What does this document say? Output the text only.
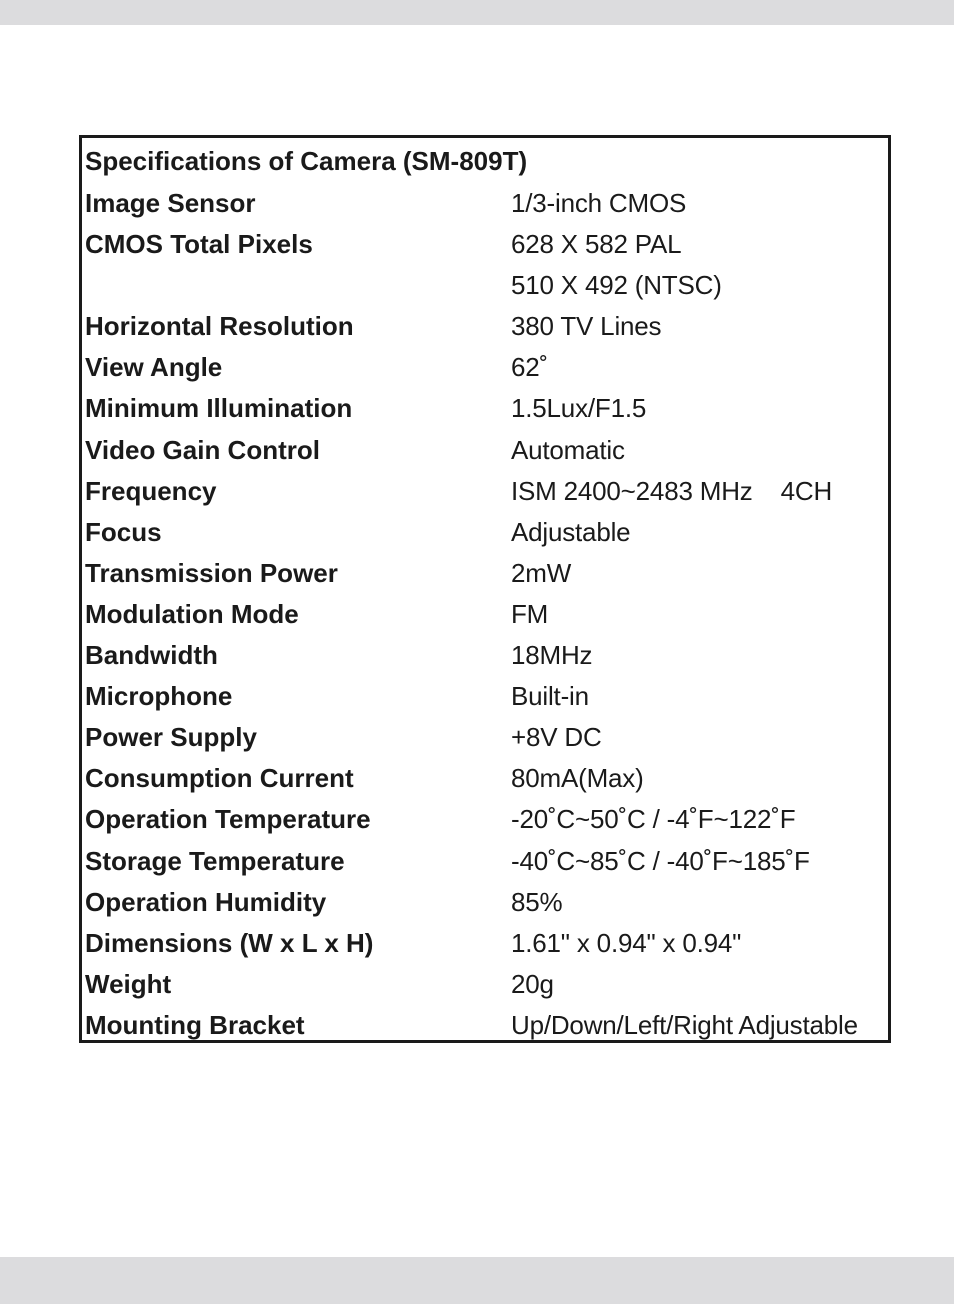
Specifications of Camera (SM-809T)
Image Sensor	1/3-inch CMOS
CMOS Total Pixels	628 X 582 PAL
510 X 492 (NTSC)
Horizontal Resolution	380 TV Lines
View Angle	62˚
Minimum Illumination	1.5Lux/F1.5
Video Gain Control	Automatic
Frequency	ISM 2400~2483 MHz    4CH
Focus	Adjustable
Transmission Power	2mW
Modulation Mode	FM
Bandwidth	18MHz
Microphone	Built-in
Power Supply	+8V DC
Consumption Current	80mA(Max)
Operation Temperature	-20˚C~50˚C / -4˚F~122˚F
Storage Temperature	-40˚C~85˚C / -40˚F~185˚F
Operation Humidity	85%
Dimensions (W x L x H)	1.61" x 0.94" x 0.94"
Weight	20g
Mounting Bracket	Up/Down/Left/Right Adjustable
